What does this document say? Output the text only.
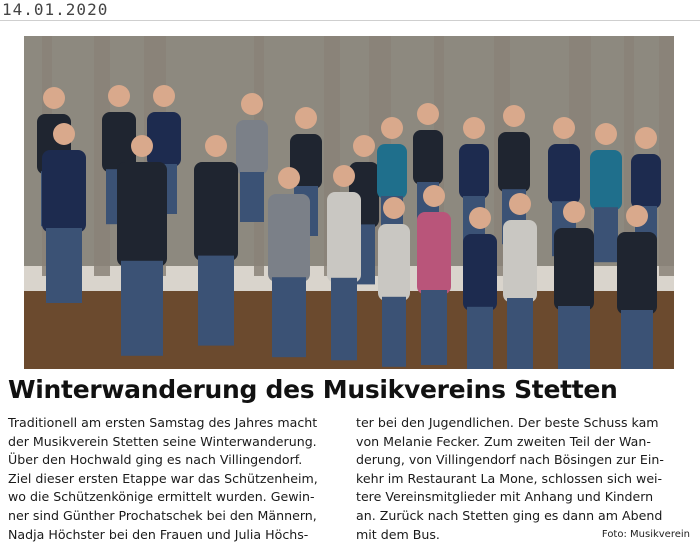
14.01.2020
Winterwanderung des Musikvereins Stetten
Traditionell am ersten Samstag des Jahres macht
der Musikverein Stetten seine Winterwanderung.
Über den Hochwald ging es nach Villingendorf.
Ziel dieser ersten Etappe war das Schützenheim,
wo die Schützenkönige ermittelt wurden. Gewin-
ner sind Günther Prochatschek bei den Männern,
Nadja Höchster bei den Frauen und Julia Höchs-
ter bei den Jugendlichen. Der beste Schuss kam
von Melanie Fecker. Zum zweiten Teil der Wan-
derung, von Villingendorf nach Bösingen zur Ein-
kehr im Restaurant La Mone, schlossen sich wei-
tere Vereinsmitglieder mit Anhang und Kindern
an. Zurück nach Stetten ging es dann am Abend
mit dem Bus.	Foto: Musikverein
